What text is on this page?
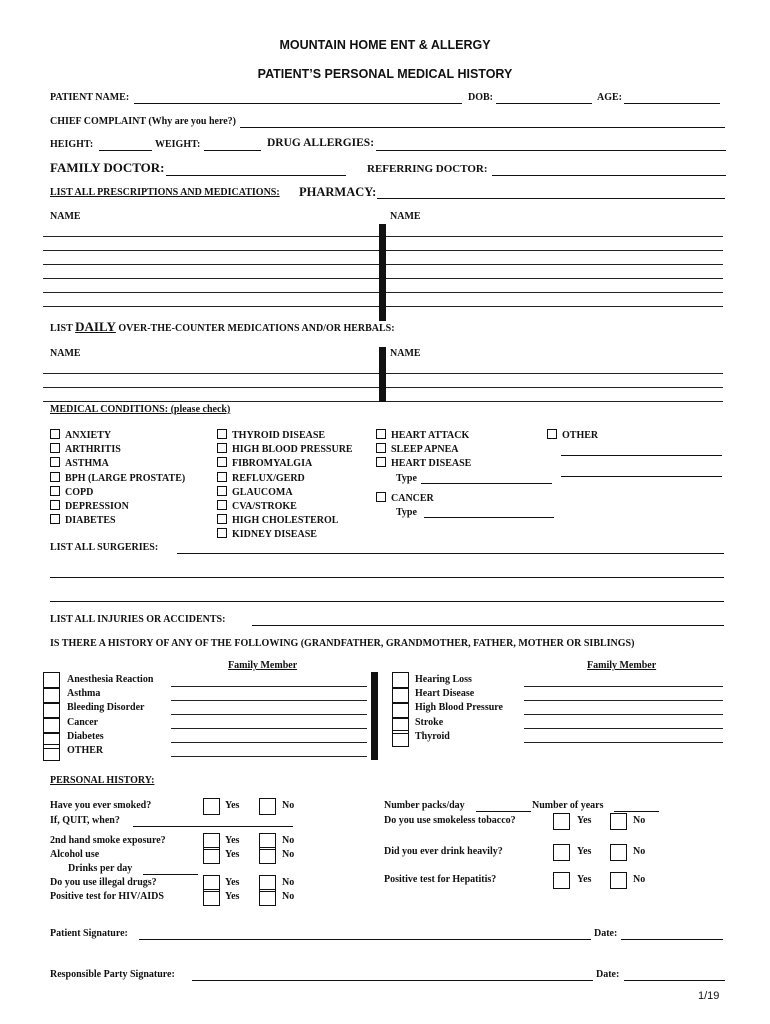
MOUNTAIN HOME ENT & ALLERGY
PATIENT’S PERSONAL MEDICAL HISTORY
PATIENT NAME:	DOB:	AGE:
CHIEF COMPLAINT (Why are you here?)
HEIGHT:	WEIGHT:	DRUG ALLERGIES:
FAMILY DOCTOR:	REFERRING DOCTOR:
LIST ALL PRESCRIPTIONS AND MEDICATIONS: PHARMACY:
NAME	NAME
LIST DAILY OVER-THE-COUNTER MEDICATIONS AND/OR HERBALS:
NAME	NAME
MEDICAL CONDITIONS: (please check)
ANXIETY
ARTHRITIS
ASTHMA
BPH (LARGE PROSTATE)
COPD
DEPRESSION
DIABETES
THYROID DISEASE
HIGH BLOOD PRESSURE
FIBROMYALGIA
REFLUX/GERD
GLAUCOMA
CVA/STROKE
HIGH CHOLESTEROL
KIDNEY DISEASE
HEART ATTACK
SLEEP APNEA
HEART DISEASE
Type
CANCER
Type
OTHER
LIST ALL SURGERIES:
LIST ALL INJURIES OR ACCIDENTS:
IS THERE A HISTORY OF ANY OF THE FOLLOWING (GRANDFATHER, GRANDMOTHER, FATHER, MOTHER OR SIBLINGS)
Family Member	Family Member
Anesthesia Reaction
Asthma
Bleeding Disorder
Cancer
Diabetes
OTHER
Hearing Loss
Heart Disease
High Blood Pressure
Stroke
Thyroid
PERSONAL HISTORY:
Have you ever smoked?	Yes	No
If, QUIT, when?
2nd hand smoke exposure?	Yes	No
Alcohol use	Yes	No
Drinks per day
Do you use illegal drugs?	Yes	No
Positive test for HIV/AIDS	Yes	No
Number packs/day	Number of years
Do you use smokeless tobacco?	Yes	No
Did you ever drink heavily?	Yes	No
Positive test for Hepatitis?	Yes	No
Patient Signature:	Date:
Responsible Party Signature:	Date:
1/19
